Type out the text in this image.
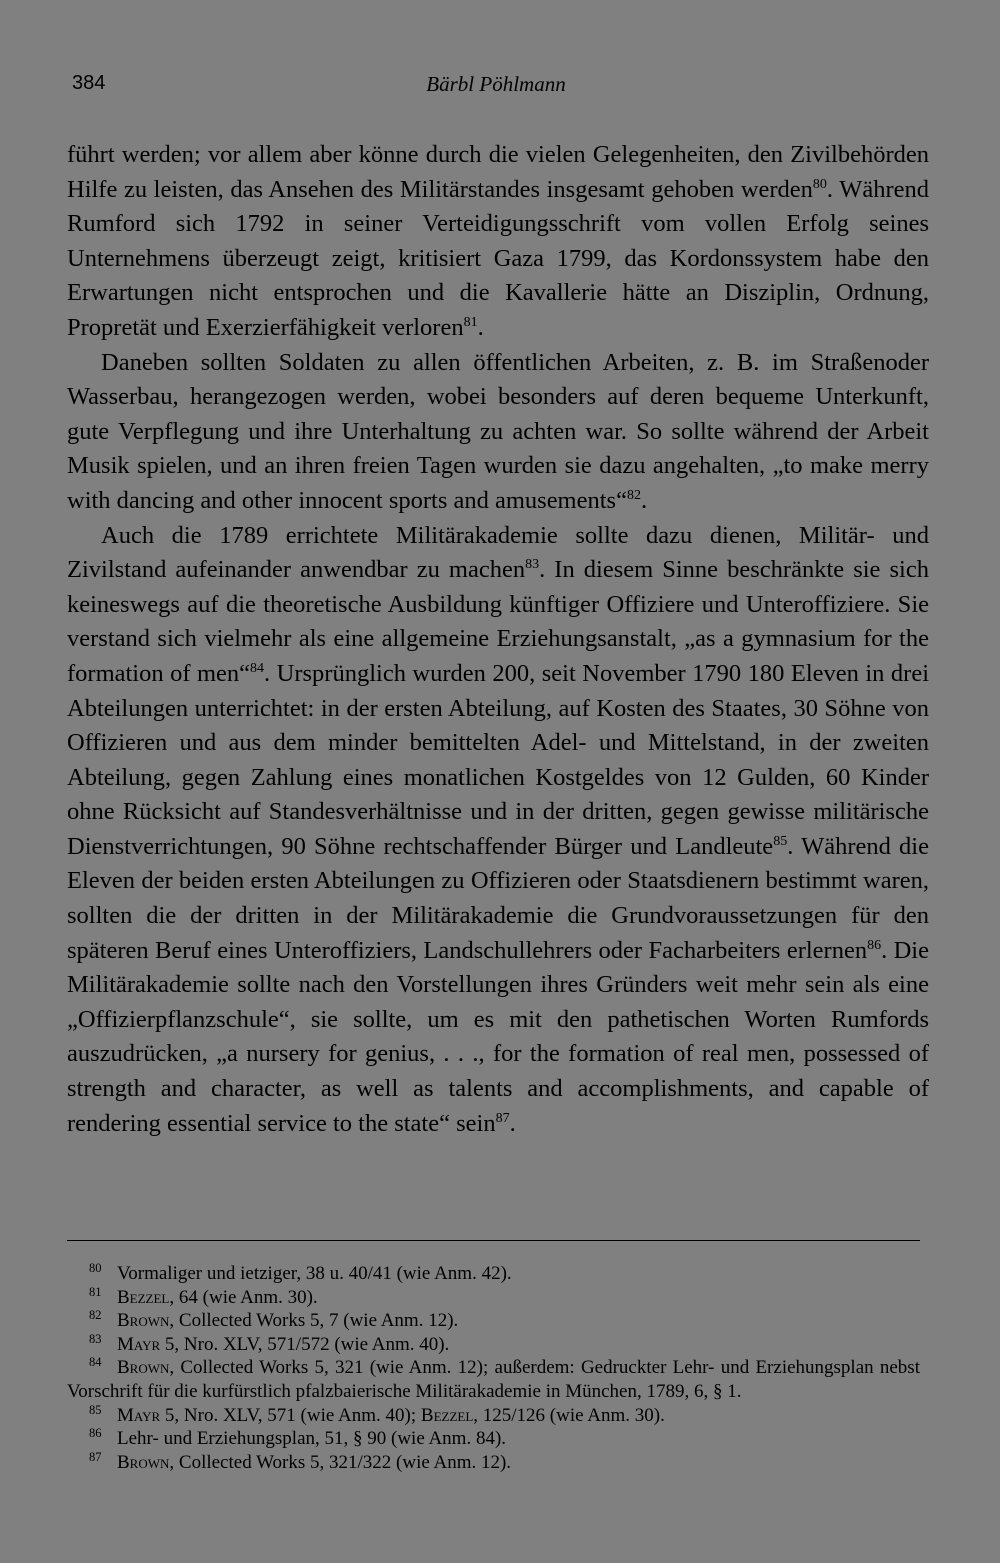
384	Bärbl Pöhlmann

führt werden; vor allem aber könne durch die vielen Gelegenheiten, den Zivilbehörden Hilfe zu leisten, das Ansehen des Militärstandes insgesamt gehoben werden$^{80}$. Während Rumford sich 1792 in seiner Verteidigungsschrift vom vollen Erfolg seines Unternehmens überzeugt zeigt, kritisiert Gaza 1799, das Kordonssystem habe den Erwartungen nicht entsprochen und die Kavallerie hätte an Disziplin, Ordnung, Propretät und Exerzierfähigkeit verloren$^{81}$.

Daneben sollten Soldaten zu allen öffentlichen Arbeiten, z. B. im Straßenoder Wasserbau, herangezogen werden, wobei besonders auf deren bequeme Unterkunft, gute Verpflegung und ihre Unterhaltung zu achten war. So sollte während der Arbeit Musik spielen, und an ihren freien Tagen wurden sie dazu angehalten, „to make merry with dancing and other innocent sports and amusements“$^{82}$.

Auch die 1789 errichtete Militärakademie sollte dazu dienen, Militär- und Zivilstand aufeinander anwendbar zu machen$^{83}$. In diesem Sinne beschränkte sie sich keineswegs auf die theoretische Ausbildung künftiger Offiziere und Unteroffiziere. Sie verstand sich vielmehr als eine allgemeine Erziehungsanstalt, „as a gymnasium for the formation of men“$^{84}$. Ursprünglich wurden 200, seit November 1790 180 Eleven in drei Abteilungen unterrichtet: in der ersten Abteilung, auf Kosten des Staates, 30 Söhne von Offizieren und aus dem minder bemittelten Adel- und Mittelstand, in der zweiten Abteilung, gegen Zahlung eines monatlichen Kostgeldes von 12 Gulden, 60 Kinder ohne Rücksicht auf Standesverhältnisse und in der dritten, gegen gewisse militärische Dienstverrichtungen, 90 Söhne rechtschaffender Bürger und Landleute$^{85}$. Während die Eleven der beiden ersten Abteilungen zu Offizieren oder Staatsdienern bestimmt waren, sollten die der dritten in der Militärakademie die Grundvoraussetzungen für den späteren Beruf eines Unteroffiziers, Landschullehrers oder Facharbeiters erlernen$^{86}$. Die Militärakademie sollte nach den Vorstellungen ihres Gründers weit mehr sein als eine „Offizierpflanzschule“, sie sollte, um es mit den pathetischen Worten Rumfords auszudrücken, „a nursery for genius, . . ., for the formation of real men, possessed of strength and character, as well as talents and accomplishments, and capable of rendering essential service to the state“ sein$^{87}$.

80 Vormaliger und ietziger, 38 u. 40/41 (wie Anm. 42).

81 Bezzel, 64 (wie Anm. 30).

82 Brown, Collected Works 5, 7 (wie Anm. 12).

83 Mayr 5, Nro. XLV, 571/572 (wie Anm. 40).

84 Brown, Collected Works 5, 321 (wie Anm. 12); außerdem: Gedruckter Lehr- und Erziehungsplan nebst Vorschrift für die kurfürstlich pfalzbaierische Militärakademie in München, 1789, 6, § 1.

85 Mayr 5, Nro. XLV, 571 (wie Anm. 40); Bezzel, 125/126 (wie Anm. 30).

86 Lehr- und Erziehungsplan, 51, § 90 (wie Anm. 84).

87 Brown, Collected Works 5, 321/322 (wie Anm. 12).
